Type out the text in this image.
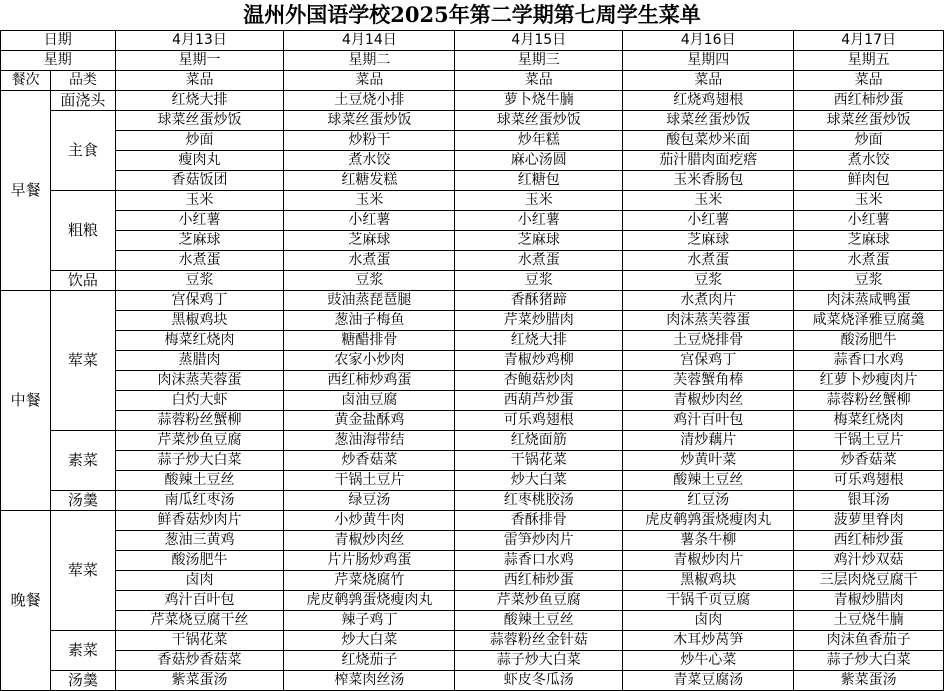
温州外国语学校2025年第二学期第七周学生菜单
日期		4月13日	4月14日	4月15日	4月16日	4月17日
星期		星期一	星期二	星期三	星期四	星期五
餐次	品类	菜品	菜品	菜品	菜品	菜品
早餐	面浇头	红烧大排	土豆烧小排	萝卜烧牛腩	红烧鸡翅根	西红柿炒蛋
	主食	球菜丝蛋炒饭	球菜丝蛋炒饭	球菜丝蛋炒饭	球菜丝蛋炒饭	球菜丝蛋炒饭
		炒面	炒粉干	炒年糕	酸包菜炒米面	炒面
		瘦肉丸	煮水饺	麻心汤圆	茄汁腊肉面疙瘩	煮水饺
		香菇饭团	红糖发糕	红糖包	玉米香肠包	鲜肉包
	粗粮	玉米	玉米	玉米	玉米	玉米
		小红薯	小红薯	小红薯	小红薯	小红薯
		芝麻球	芝麻球	芝麻球	芝麻球	芝麻球
		水煮蛋	水煮蛋	水煮蛋	水煮蛋	水煮蛋
	饮品	豆浆	豆浆	豆浆	豆浆	豆浆
中餐	荤菜	宫保鸡丁	豉油蒸琵琶腿	香酥猪蹄	水煮肉片	肉沫蒸咸鸭蛋
		黑椒鸡块	葱油子梅鱼	芹菜炒腊肉	肉沫蒸芙蓉蛋	咸菜烧泽雅豆腐羹
		梅菜红烧肉	糖醋排骨	红烧大排	土豆烧排骨	酸汤肥牛
		蒸腊肉	农家小炒肉	青椒炒鸡柳	宫保鸡丁	蒜香口水鸡
		肉沫蒸芙蓉蛋	西红柿炒鸡蛋	杏鲍菇炒肉	芙蓉蟹角棒	红萝卜炒瘦肉片
		白灼大虾	卤油豆腐	西葫芦炒蛋	青椒炒肉丝	蒜蓉粉丝蟹柳
		蒜蓉粉丝蟹柳	黄金盐酥鸡	可乐鸡翅根	鸡汁百叶包	梅菜红烧肉
	素菜	芹菜炒鱼豆腐	葱油海带结	红烧面筋	清炒藕片	干锅土豆片
		蒜子炒大白菜	炒香菇菜	干锅花菜	炒黄叶菜	炒香菇菜
		酸辣土豆丝	干锅土豆片	炒大白菜	酸辣土豆丝	可乐鸡翅根
	汤羹	南瓜红枣汤	绿豆汤	红枣桃胶汤	红豆汤	银耳汤
晚餐	荤菜	鲜香菇炒肉片	小炒黄牛肉	香酥排骨	虎皮鹌鹑蛋烧瘦肉丸	菠萝里脊肉
		葱油三黄鸡	青椒炒肉丝	雷笋炒肉片	薯条牛柳	西红柿炒蛋
		酸汤肥牛	片片肠炒鸡蛋	蒜香口水鸡	青椒炒肉片	鸡汁炒双菇
		卤肉	芹菜烧腐竹	西红柿炒蛋	黑椒鸡块	三层肉烧豆腐干
		鸡汁百叶包	虎皮鹌鹑蛋烧瘦肉丸	芹菜炒鱼豆腐	干锅千页豆腐	青椒炒腊肉
		芹菜烧豆腐干丝	辣子鸡丁	酸辣土豆丝	卤肉	土豆烧牛腩
	素菜	干锅花菜	炒大白菜	蒜蓉粉丝金针菇	木耳炒莴笋	肉沫鱼香茄子
		香菇炒香菇菜	红烧茄子	蒜子炒大白菜	炒牛心菜	蒜子炒大白菜
	汤羹	紫菜蛋汤	榨菜肉丝汤	虾皮冬瓜汤	青菜豆腐汤	紫菜蛋汤
